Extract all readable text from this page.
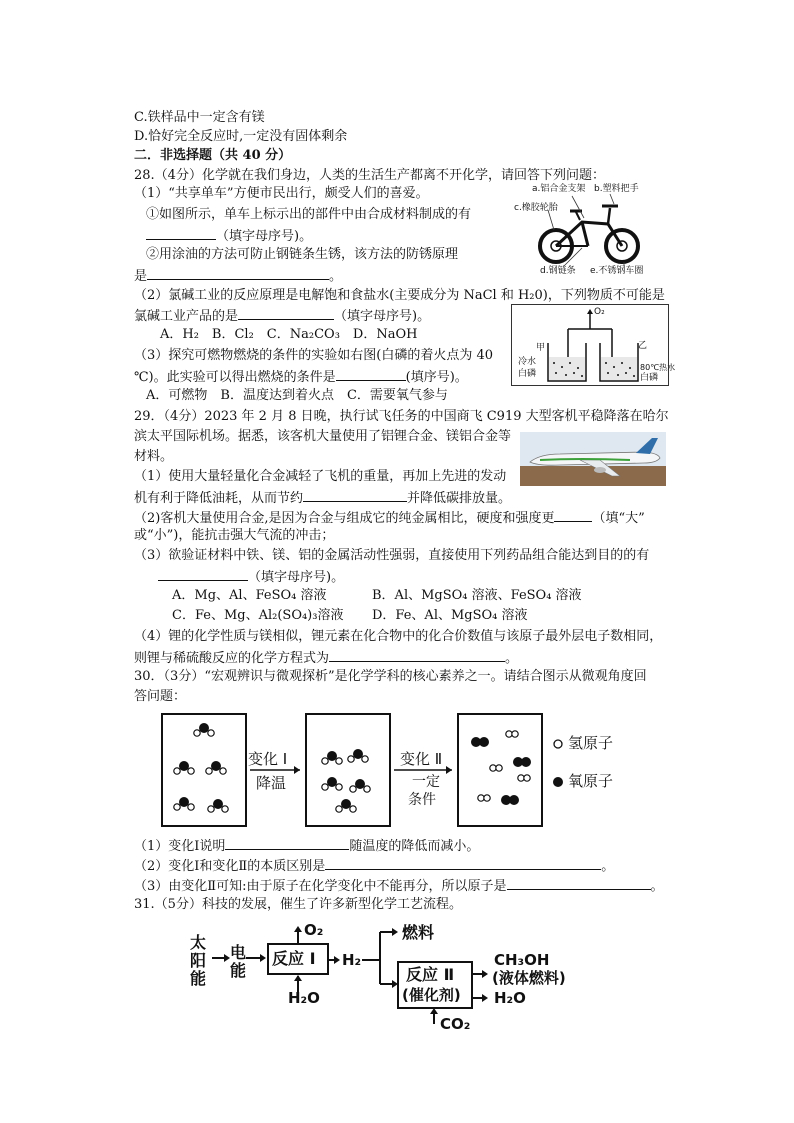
C.铁样品中一定含有镁
D.恰好完全反应时,一定没有固体剩余
二．非选择题（共 40 分）
28.（4分）化学就在我们身边，人类的生活生产都离不开化学，请回答下列问题：
（1）“共享单车”方便市民出行，颇受人们的喜爱。
①如图所示，单车上标示出的部件中由合成材料制成的有
（填字母序号)。
②用涂油的方法可防止钢链条生锈，该方法的防锈原理
是	。
（2）氯碱工业的反应原理是电解饱和食盐水(主要成分为 NaCl 和 H₂0)，下列物质不可能是
氯碱工业产品的是	（填字母序号)。
A．H₂　B．Cl₂　C．Na₂CO₃　D．NaOH
（3）探究可燃物燃烧的条件的实验如右图(白磷的着火点为 40
℃)。此实验可以得出燃烧的条件是	(填序号)。
A．可燃物　B．温度达到着火点　C．需要氧气参与
a.铝合金支架 b.塑料把手
c.橡胶轮胎
d.钢链条 e.不锈钢车圈
O₂
甲	乙
冷水
白磷
80℃热水
白磷
29．（4分）2023 年 2 月 8 日晚，执行试飞任务的中国商飞 C919 大型客机平稳降落在哈尔
滨太平国际机场。据悉，该客机大量使用了铝锂合金、镁铝合金等
材料。
（1）使用大量轻量化合金减轻了飞机的重量，再加上先进的发动
机有利于降低油耗，从而节约	并降低碳排放量。
（2)客机大量使用合金,是因为合金与组成它的纯金属相比，硬度和强度更	（填“大”
或“小”)，能抗击强大气流的冲击；
（3）欲验证材料中铁、镁、铝的金属活动性强弱，直接使用下列药品组合能达到目的的有
（填字母序号)。
A．Mg、Al、FeSO₄ 溶液	B．Al、MgSO₄ 溶液、FeSO₄ 溶液
C．Fe、Mg、Al₂(SO₄)₃溶液 D．Fe、Al、MgSO₄ 溶液
（4）锂的化学性质与镁相似，锂元素在化合物中的化合价数值与该原子最外层电子数相同，
则锂与稀硫酸反应的化学方程式为	。
30．（3分）“宏观辨识与微观探析”是化学学科的核心素养之一。请结合图示从微观角度回
答问题：
变化 Ⅰ
降温
变化 Ⅱ
一定
条件
氢原子
氧原子
（1）变化Ⅰ说明	随温度的降低而减小。
（2）变化Ⅰ和变化Ⅱ的本质区别是	。
（3）由变化Ⅱ可知:由于原子在化学变化中不能再分，所以原子是	。
31.（5分）科技的发展，催生了许多新型化学工艺流程。
太
阳
能
电
能
反应 Ⅰ
O₂
H₂O
H₂
燃料
反应 Ⅱ
(催化剂)
CH₃OH
(液体燃料)
H₂O
CO₂
